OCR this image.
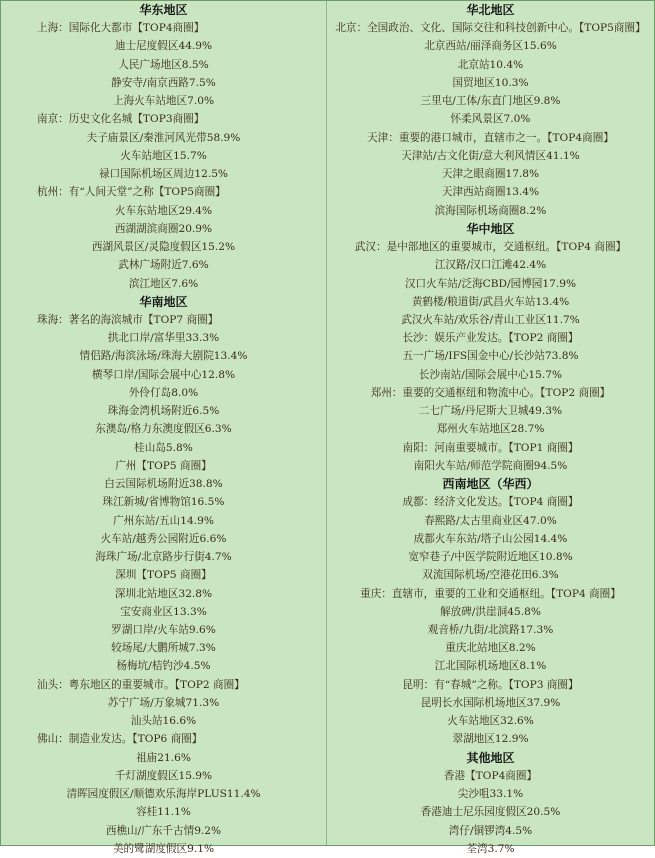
华东地区
上海：国际化大都市【TOP4商圈】
迪士尼度假区44.9%
人民广场地区8.5%
静安寺/南京西路7.5%
上海火车站地区7.0%
南京：历史文化名城【TOP3商圈】
夫子庙景区/秦淮河风光带58.9%
火车站地区15.7%
禄口国际机场区周边12.5%
杭州：有“人间天堂”之称【TOP5商圈】
火车东站地区29.4%
西湖湖滨商圈20.9%
西湖风景区/灵隐度假区15.2%
武林广场附近7.6%
滨江地区7.6%
华南地区
珠海：著名的海滨城市【TOP7 商圈】
拱北口岸/富华里33.3%
情侣路/海滨泳场/珠海大剧院13.4%
横琴口岸/国际会展中心12.8%
外伶仃岛8.0%
珠海金湾机场附近6.5%
东澳岛/格力东澳度假区6.3%
桂山岛5.8%
广州【TOP5 商圈】
白云国际机场附近38.8%
珠江新城/省博物馆16.5%
广州东站/五山14.9%
火车站/越秀公园附近6.6%
海珠广场/北京路步行街4.7%
深圳【TOP5 商圈】
深圳北站地区32.8%
宝安商业区13.3%
罗湖口岸/火车站9.6%
较场尾/大鹏所城7.3%
杨梅坑/桔钓沙4.5%
汕头：粤东地区的重要城市。【TOP2 商圈】
苏宁广场/万象城71.3%
汕头站16.6%
佛山：制造业发达。【TOP6 商圈】
祖庙21.6%
千灯湖度假区15.9%
清晖园度假区/顺德欢乐海岸PLUS11.4%
容桂11.1%
西樵山/广东千古情9.2%
美的鹭湖度假区9.1%
华北地区
北京：全国政治、文化、国际交往和科技创新中心。【TOP5商圈】
北京西站/丽泽商务区15.6%
北京站10.4%
国贸地区10.3%
三里屯/工体/东直门地区9.8%
怀柔风景区7.0%
天津：重要的港口城市，直辖市之一。【TOP4商圈】
天津站/古文化街/意大利风情区41.1%
天津之眼商圈17.8%
天津西站商圈13.4%
滨海国际机场商圈8.2%
华中地区
武汉：是中部地区的重要城市，交通枢纽。【TOP4 商圈】
江汉路/汉口江滩42.4%
汉口火车站/泛海CBD/园博园17.9%
黄鹤楼/粮道街/武昌火车站13.4%
武汉火车站/欢乐谷/青山工业区11.7%
长沙：娱乐产业发达。【TOP2 商圈】
五一广场/IFS国金中心/长沙站73.8%
长沙南站/国际会展中心15.7%
郑州：重要的交通枢纽和物流中心。【TOP2 商圈】
二七广场/丹尼斯大卫城49.3%
郑州火车站地区28.7%
南阳：河南重要城市。【TOP1 商圈】
南阳火车站/师范学院商圈94.5%
西南地区（华西）
成都：经济文化发达。【TOP4 商圈】
春熙路/太古里商业区47.0%
成都火车东站/塔子山公园14.4%
宽窄巷子/中医学院附近地区10.8%
双流国际机场/空港花田6.3%
重庆：直辖市，重要的工业和交通枢纽。【TOP4 商圈】
解放碑/洪崖洞45.8%
观音桥/九街/北滨路17.3%
重庆北站地区8.2%
江北国际机场地区8.1%
昆明：有“春城”之称。【TOP3 商圈】
昆明长水国际机场地区37.9%
火车站地区32.6%
翠湖地区12.9%
其他地区
香港【TOP4商圈】
尖沙咀33.1%
香港迪士尼乐园度假区20.5%
湾仔/铜锣湾4.5%
荃湾3.7%
